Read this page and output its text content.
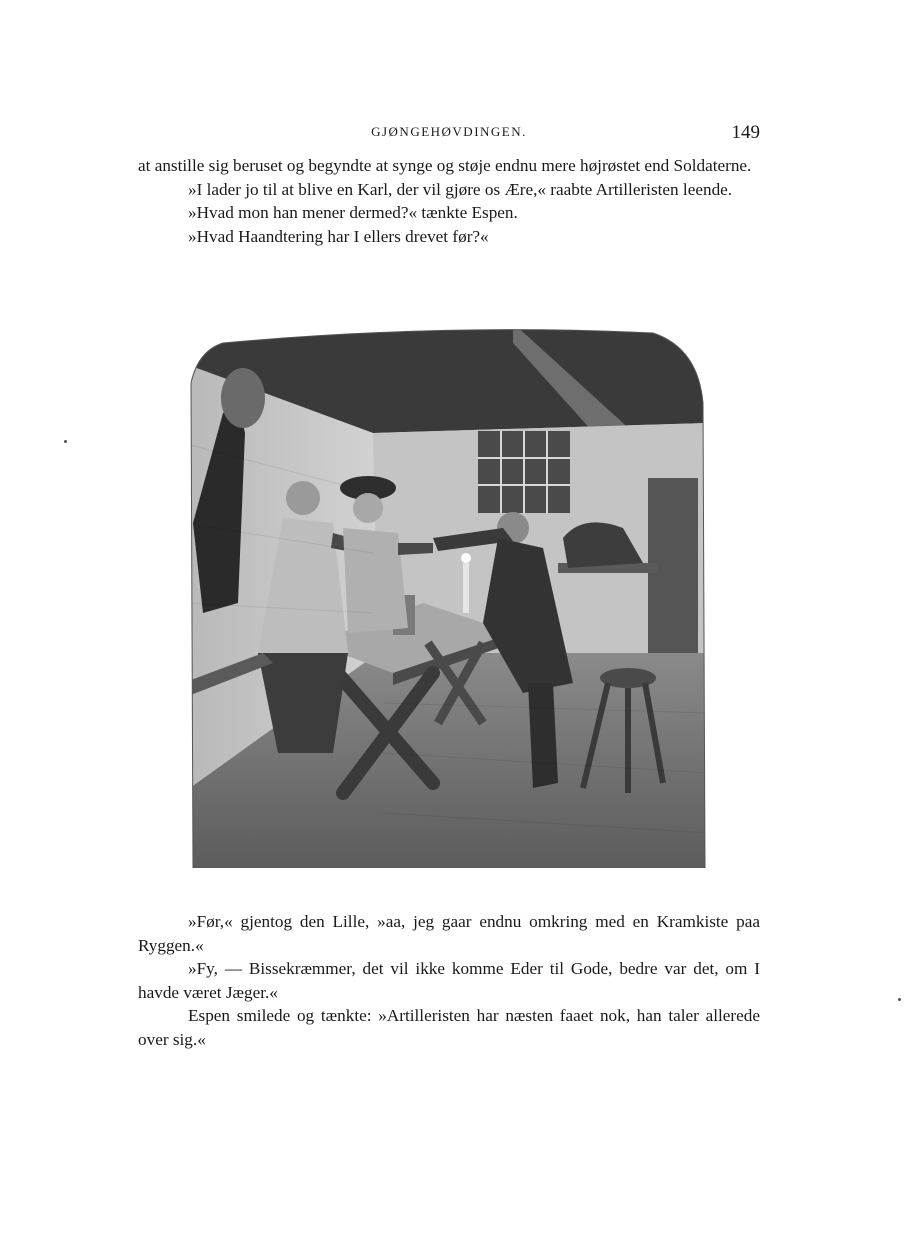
GJØNGEHØVDINGEN.	149

at anstille sig beruset og begyndte at synge og støje endnu mere højrøstet end Soldaterne.

»I lader jo til at blive en Karl, der vil gjøre os Ære,« raabte Artilleristen leende.

»Hvad mon han mener dermed?« tænkte Espen.

»Hvad Haandtering har I ellers drevet før?«

»Før,« gjentog den Lille, »aa, jeg gaar endnu omkring med en Kramkiste paa Ryggen.«

»Fy, — Bissekræmmer, det vil ikke komme Eder til Gode, bedre var det, om I havde været Jæger.«

Espen smilede og tænkte: »Artilleristen har næsten faaet nok, han taler allerede over sig.«
